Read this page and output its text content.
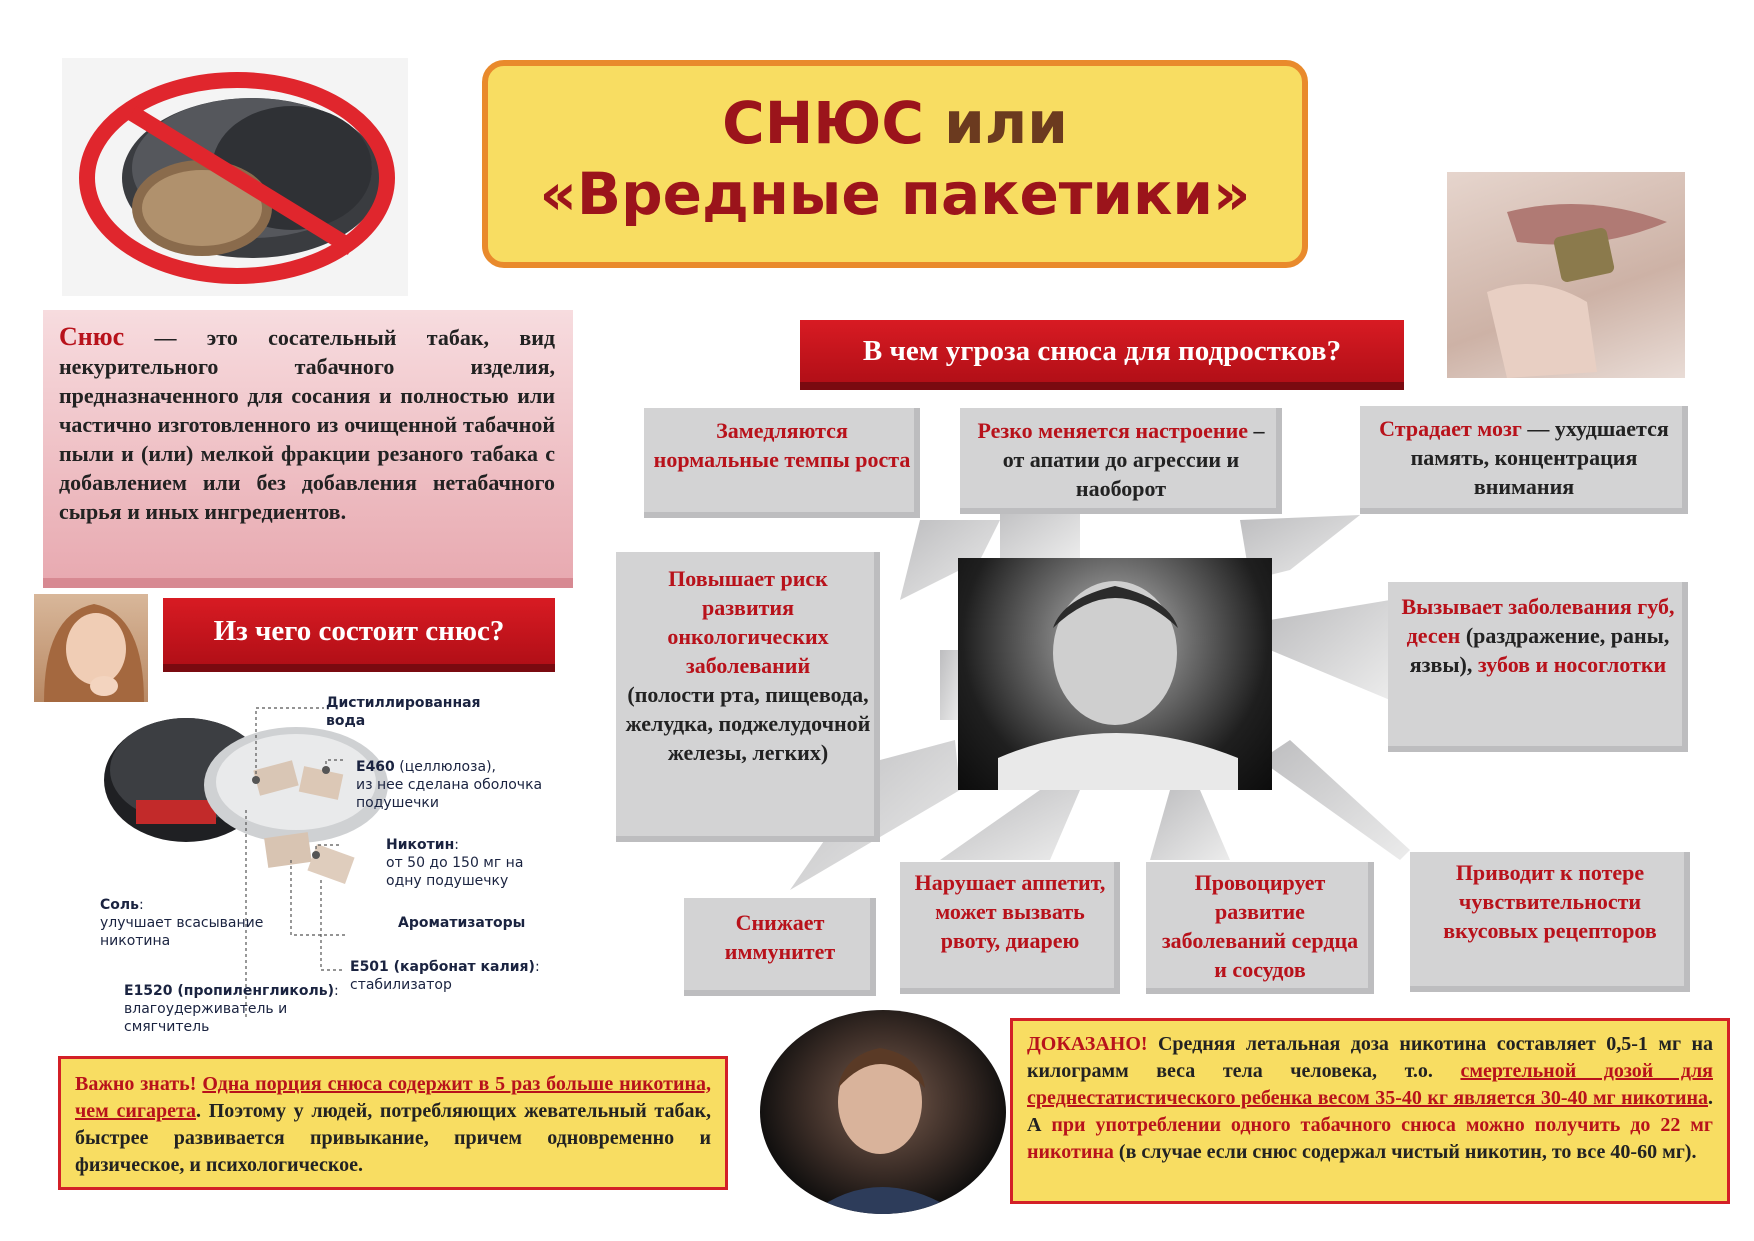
СНЮС или
«Вредные пакетики»
Снюс — это сосательный табак, вид некурительного табачного изделия, предназначенного для сосания и полностью или частично изготовленного из очищенной табачной пыли и (или) мелкой фракции резаного табака с добавлением или без добавления нетабачного сырья и иных ингредиентов.
В чем угроза снюса для подростков?
Замедляются нормальные темпы роста
Резко меняется настроение – от апатии до агрессии и наоборот
Страдает мозг — ухудшается память, концентрация внимания
Повышает риск развития онкологических заболеваний
(полости рта, пищевода, желудка, поджелудочной железы, легких)
Вызывает заболевания губ, десен (раздражение, раны, язвы), зубов и носоглотки
Снижает иммунитет
Нарушает аппетит, может вызвать рвоту, диарею
Провоцирует развитие заболеваний сердца и сосудов
Приводит к потере чувствительности вкусовых рецепторов
Из чего состоит снюс?
Дистиллированная вода
Е460 (целлюлоза),
из нее сделана оболочка подушечки
Никотин:
от 50 до 150 мг на одну подушечку
Соль:
улучшает всасывание никотина
Ароматизаторы
Е501 (карбонат калия):
стабилизатор
Е1520 (пропиленгликоль):
влагоудерживатель и смягчитель
Важно знать! Одна порция снюса содержит в 5 раз больше никотина, чем сигарета. Поэтому у людей, потребляющих жевательный табак, быстрее развивается привыкание, причем одновременно и физическое, и психологическое.
ДОКАЗАНО! Средняя летальная доза никотина составляет 0,5-1 мг на килограмм веса тела человека, т.о. смертельной дозой для среднестатистического ребенка весом 35-40 кг является 30-40 мг никотина. А при употреблении одного табачного снюса можно получить до 22 мг никотина (в случае если снюс содержал чистый никотин, то все 40-60 мг).
